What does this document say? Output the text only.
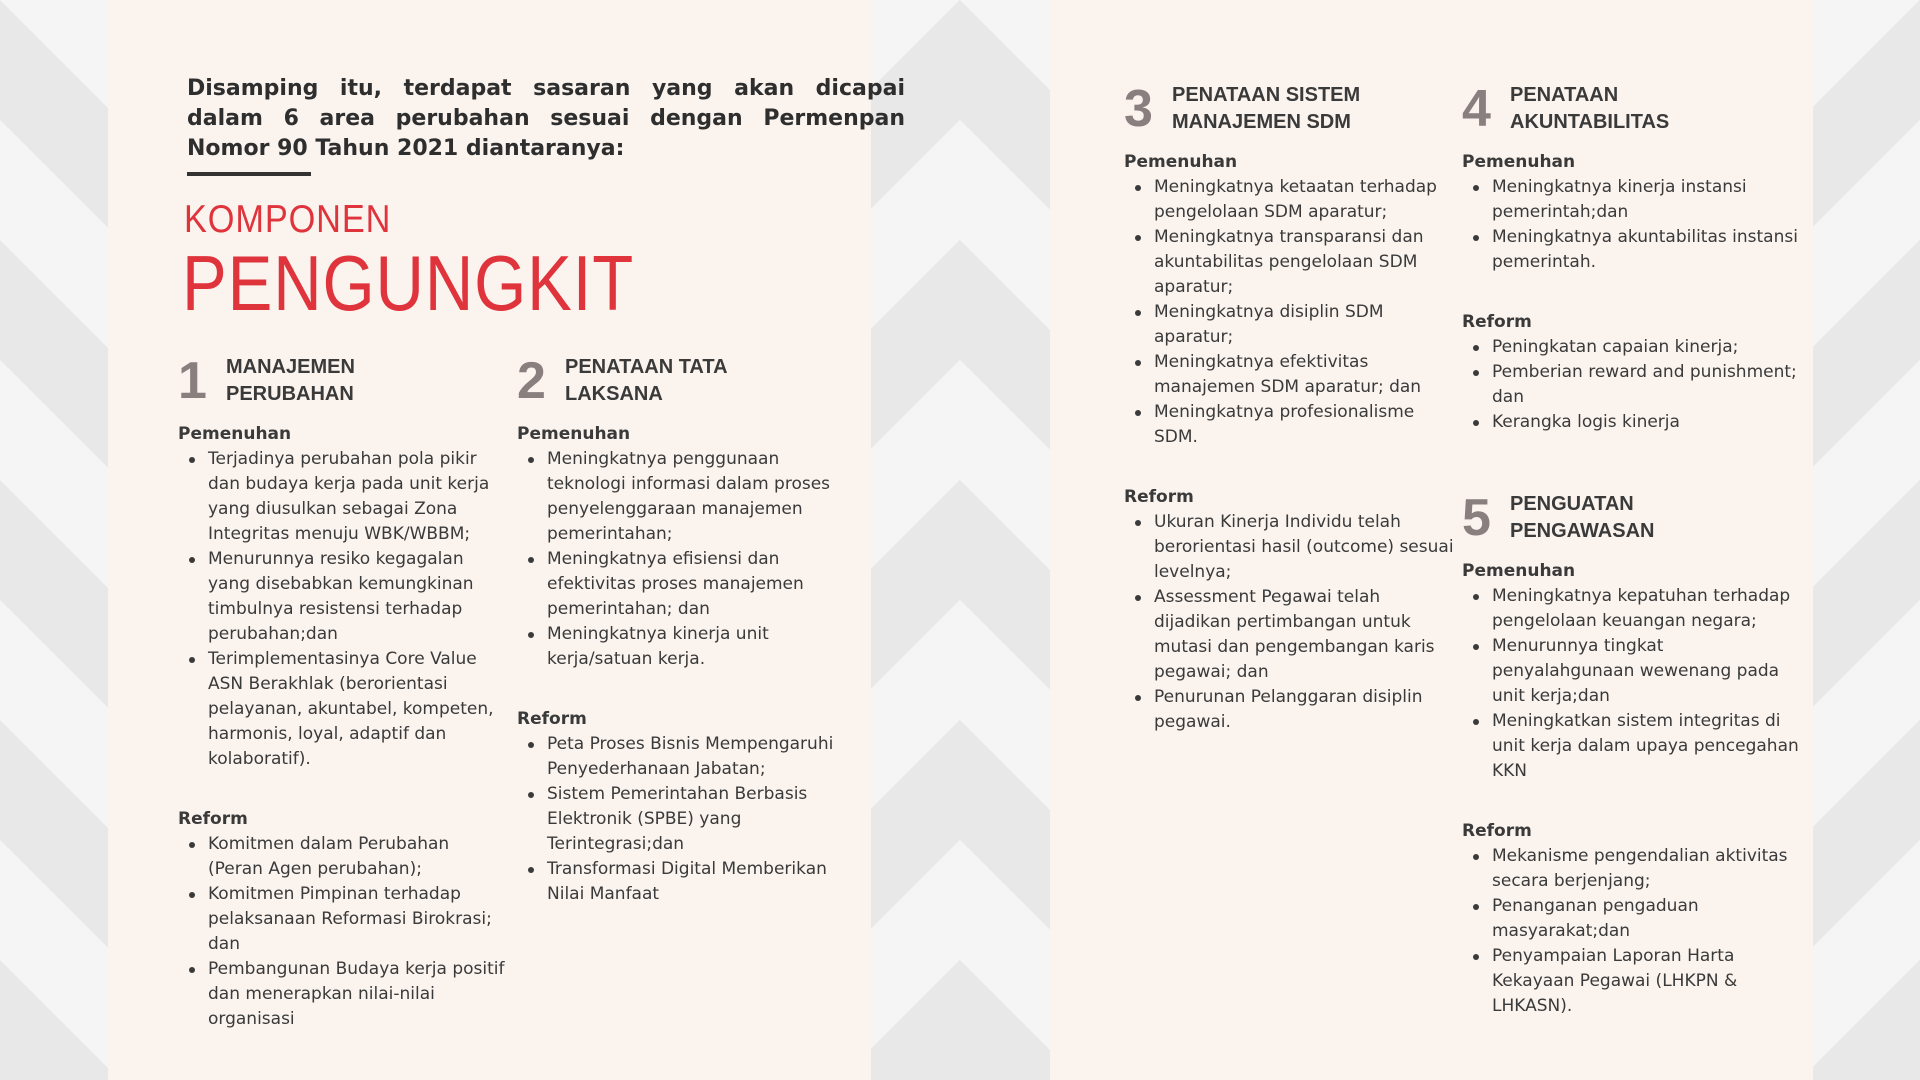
Disamping itu, terdapat sasaran yang akan dicapai dalam 6 area perubahan sesuai dengan Permenpan Nomor 90 Tahun 2021 diantaranya:
KOMPONEN
PENGUNGKIT
1 MANAJEMEN
PERUBAHAN
Pemenuhan
Terjadinya perubahan pola pikir dan budaya kerja pada unit kerja yang diusulkan sebagai Zona Integritas menuju WBK/WBBM;
Menurunnya resiko kegagalan yang disebabkan kemungkinan timbulnya resistensi terhadap perubahan;dan
Terimplementasinya Core Value ASN Berakhlak (berorientasi pelayanan, akuntabel, kompeten, harmonis, loyal, adaptif dan kolaboratif).
Reform
Komitmen dalam Perubahan (Peran Agen perubahan);
Komitmen Pimpinan terhadap pelaksanaan Reformasi Birokrasi; dan
Pembangunan Budaya kerja positif dan menerapkan nilai-nilai organisasi
2 PENATAAN TATA
LAKSANA
Pemenuhan
Meningkatnya penggunaan teknologi informasi dalam proses penyelenggaraan manajemen pemerintahan;
Meningkatnya efisiensi dan efektivitas proses manajemen pemerintahan; dan
Meningkatnya kinerja unit kerja/satuan kerja.
Reform
Peta Proses Bisnis Mempengaruhi Penyederhanaan Jabatan;
Sistem Pemerintahan Berbasis Elektronik (SPBE) yang Terintegrasi;dan
Transformasi Digital Memberikan Nilai Manfaat
3 PENATAAN SISTEM
MANAJEMEN SDM
Pemenuhan
Meningkatnya ketaatan terhadap pengelolaan SDM aparatur;
Meningkatnya transparansi dan akuntabilitas pengelolaan SDM aparatur;
Meningkatnya disiplin SDM aparatur;
Meningkatnya efektivitas manajemen SDM aparatur; dan
Meningkatnya profesionalisme SDM.
Reform
Ukuran Kinerja Individu telah berorientasi hasil (outcome) sesuai levelnya;
Assessment Pegawai telah dijadikan pertimbangan untuk mutasi dan pengembangan karis pegawai; dan
Penurunan Pelanggaran disiplin pegawai.
4 PENATAAN
AKUNTABILITAS
Pemenuhan
Meningkatnya kinerja instansi pemerintah;dan
Meningkatnya akuntabilitas instansi pemerintah.
Reform
Peningkatan capaian kinerja;
Pemberian reward and punishment; dan
Kerangka logis kinerja
5 PENGUATAN
PENGAWASAN
Pemenuhan
Meningkatnya kepatuhan terhadap pengelolaan keuangan negara;
Menurunnya tingkat penyalahgunaan wewenang pada unit kerja;dan
Meningkatkan sistem integritas di unit kerja dalam upaya pencegahan KKN
Reform
Mekanisme pengendalian aktivitas secara berjenjang;
Penanganan pengaduan masyarakat;dan
Penyampaian Laporan Harta Kekayaan Pegawai (LHKPN & LHKASN).
